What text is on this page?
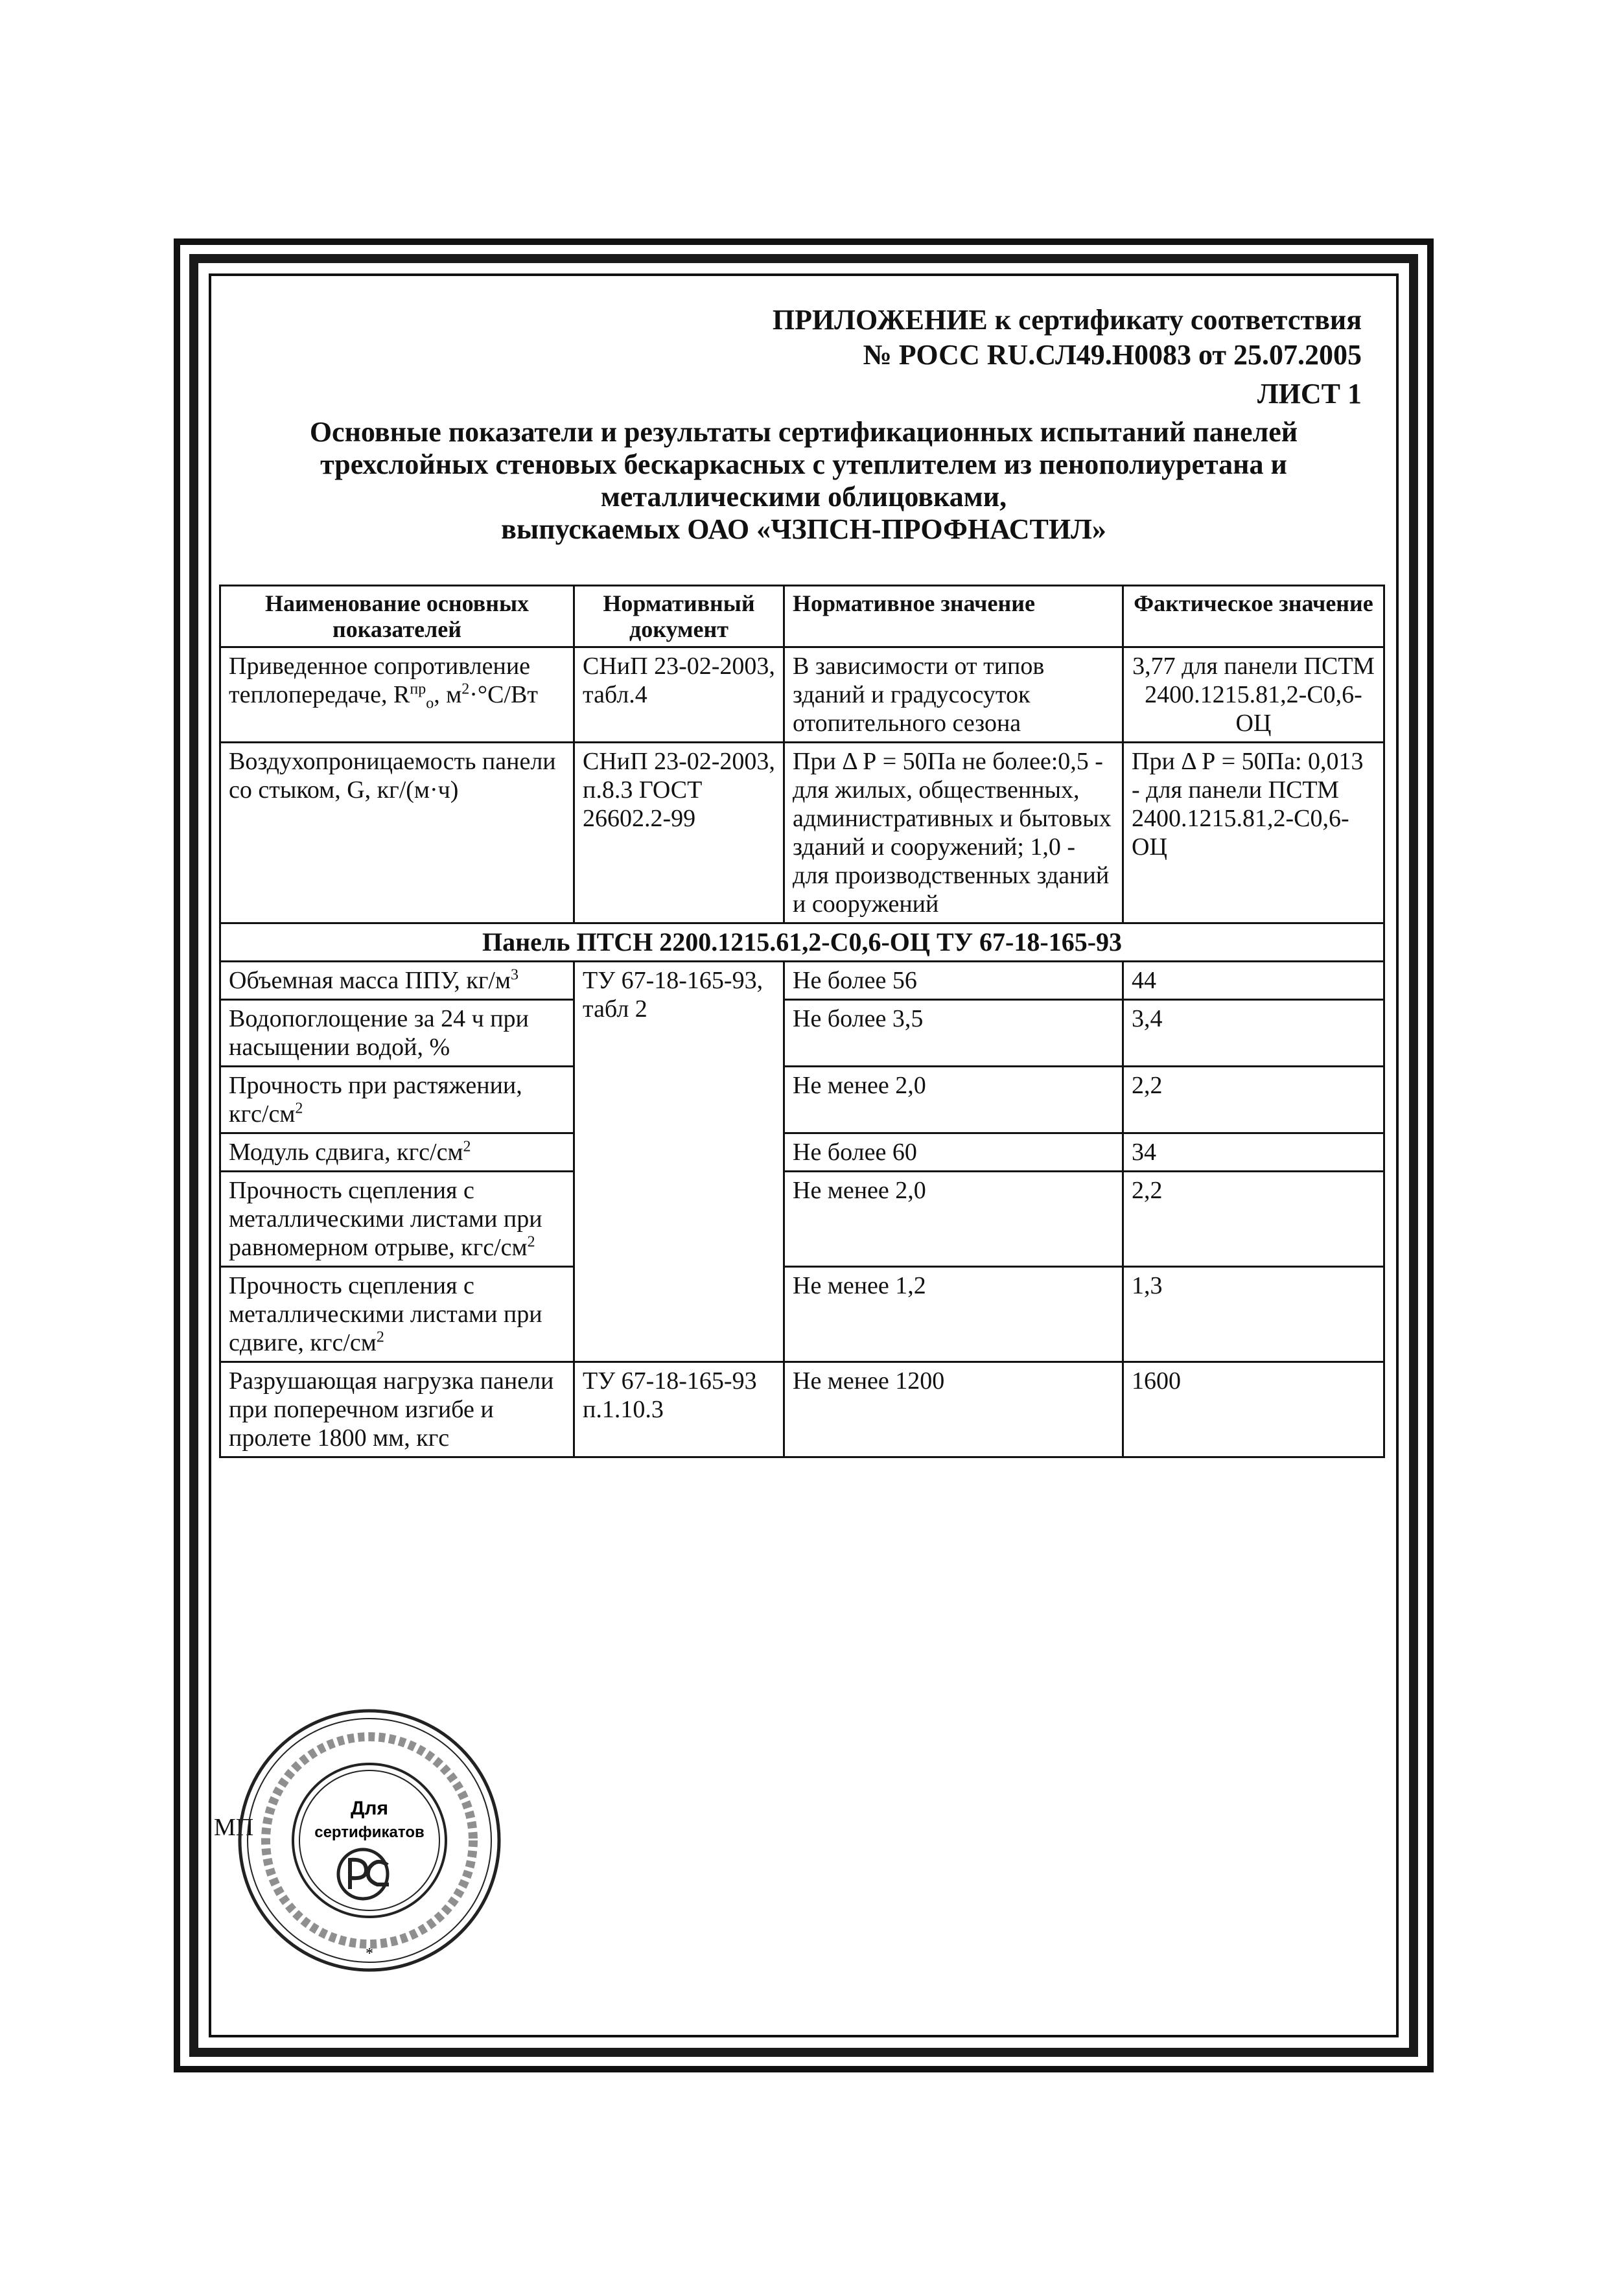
ПРИЛОЖЕНИЕ к сертификату соответствия
№ РОСС RU.СЛ49.Н0083 от 25.07.2005
ЛИСТ 1
Основные показатели и результаты сертификационных испытаний панелей
трехслойных стеновых бескаркасных с утеплителем из пенополиуретана и
металлическими облицовками,
выпускаемых ОАО «ЧЗПСН-ПРОФНАСТИЛ»
Наименование основных показателей	Нормативный документ	Нормативное значение	Фактическое значение
Приведенное сопротивление теплопередаче, $R^{пр}_о$, $м^2\cdot^\circ С/Вт$	СНиП 23-02-2003, табл.4	В зависимости от типов зданий и градусосуток отопительного сезона	3,77 для панели ПСТМ 2400.1215.81,2-С0,6-ОЦ
Воздухопроницаемость панели со стыком, G, кг/(м·ч)	СНиП 23-02-2003, п.8.3 ГОСТ 26602.2-99	При Δ Р = 50Па не более:0,5 - для жилых, общественных, административных и бытовых зданий и сооружений; 1,0 - для производственных зданий и сооружений	При Δ Р = 50Па: 0,013 - для панели ПСТМ 2400.1215.81,2-С0,6-ОЦ
Панель ПТСН 2200.1215.61,2-С0,6-ОЦ ТУ 67-18-165-93			
Объемная масса ППУ, $кг/м^3$	ТУ 67-18-165-93, табл 2	Не более 56	44
Водопоглощение за 24 ч при насыщении водой, %		Не более 3,5	3,4
Прочность при растяжении, кгс/$см^2$		Не менее 2,0	2,2
Модуль сдвига, кгс/$см^2$		Не более 60	34
Прочность сцепления с металлическими листами при равномерном отрыве, кгс/$см^2$		Не менее 2,0	2,2
Прочность сцепления с металлическими листами при сдвиге, кгс/$см^2$		Не менее 1,2	1,3
Разрушающая нагрузка панели при поперечном изгибе и пролете 1800 мм, кгс	ТУ 67-18-165-93 п.1.10.3	Не менее 1200	1600
МП
Для
сертификатов
*
